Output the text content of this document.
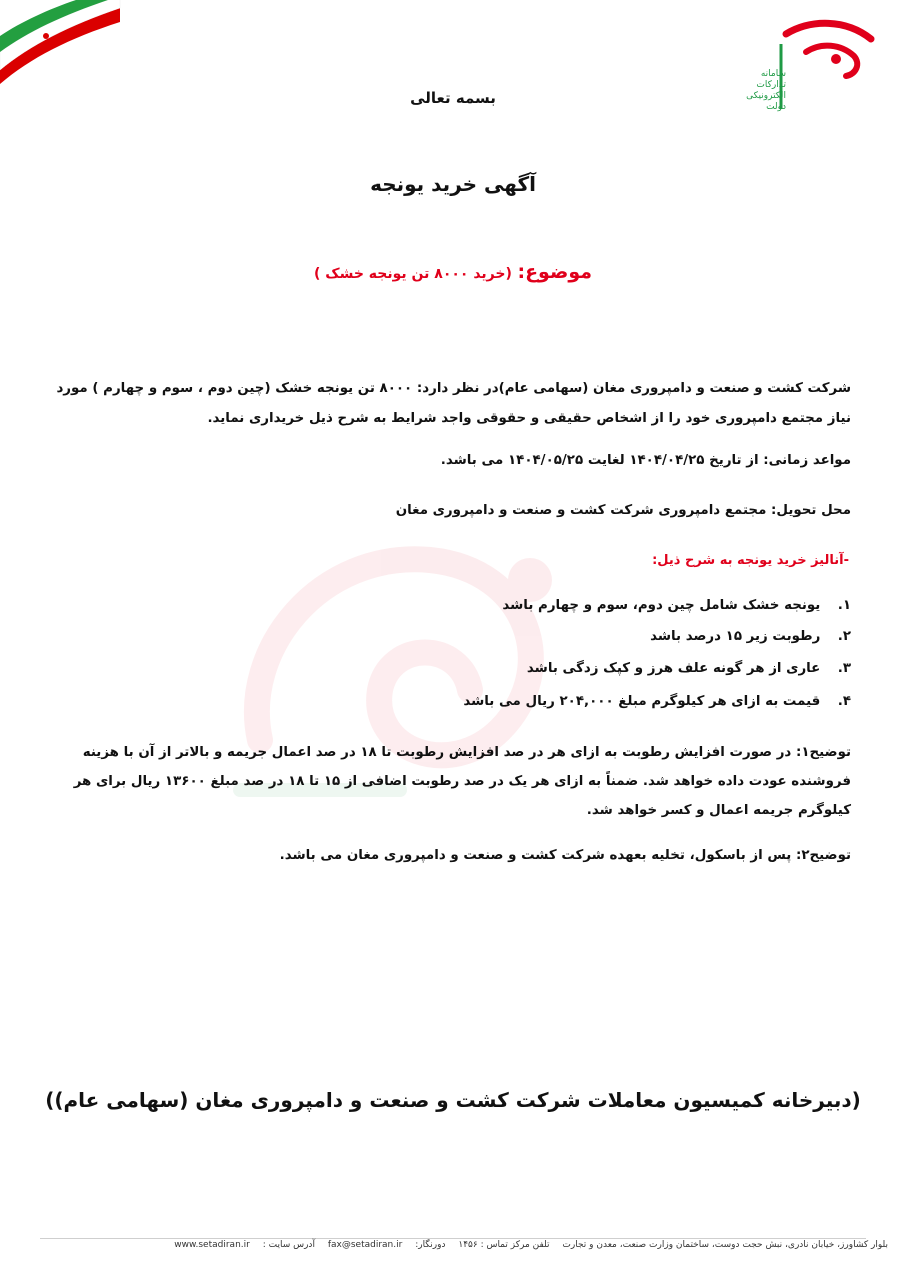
سامانه
تدارکات
الکترونیکی
دولت
بسمه تعالی
آگهی خرید یونجه
موضوع: (خرید ۸۰۰۰ تن یونجه خشک )
شرکت کشت و صنعت و دامپروری مغان (سهامی عام)در نظر دارد: ۸۰۰۰ تن یونجه خشک (چین دوم ، سوم و چهارم ) مورد نیاز مجتمع دامپروری خود را از اشخاص حقیقی و حقوقی واجد شرایط به شرح ذیل خریداری نماید.
مواعد زمانی: از تاریخ ۱۴۰۴/۰۴/۲۵ لغایت ۱۴۰۴/۰۵/۲۵ می باشد.
محل تحویل: مجتمع دامپروری شرکت کشت و صنعت و دامپروری مغان
-آنالیز خرید یونجه به شرح ذیل:
۱. یونجه خشک شامل چین دوم، سوم و چهارم باشد
۲. رطوبت زیر ۱۵ درصد باشد
۳. عاری از هر گونه علف هرز و کپک زدگی باشد
۴. قیمت به ازای هر کیلوگرم مبلغ ۲۰۴,۰۰۰ ریال می باشد
توضیح۱: در صورت افزایش رطوبت به ازای هر در صد افزایش رطوبت تا ۱۸ در صد اعمال جریمه و بالاتر از آن با هزینه فروشنده عودت داده خواهد شد. ضمناً به ازای هر یک در صد رطوبت اضافی از ۱۵ تا ۱۸ در صد مبلغ ۱۳۶۰۰ ریال برای هر کیلوگرم جریمه اعمال و کسر خواهد شد.
توضیح۲: پس از باسکول، تخلیه بعهده شرکت کشت و صنعت و دامپروری مغان می باشد.
(دبیرخانه کمیسیون معاملات شرکت کشت و صنعت و دامپروری مغان (سهامی عام))
بلوار کشاورز، خیابان نادری، نبش حجت دوست، ساختمان وزارت صنعت، معدن و تجارت تلفن مرکز تماس : ۱۴۵۶ دورنگار: fax@setadiran.ir آدرس سایت : www.setadiran.ir
